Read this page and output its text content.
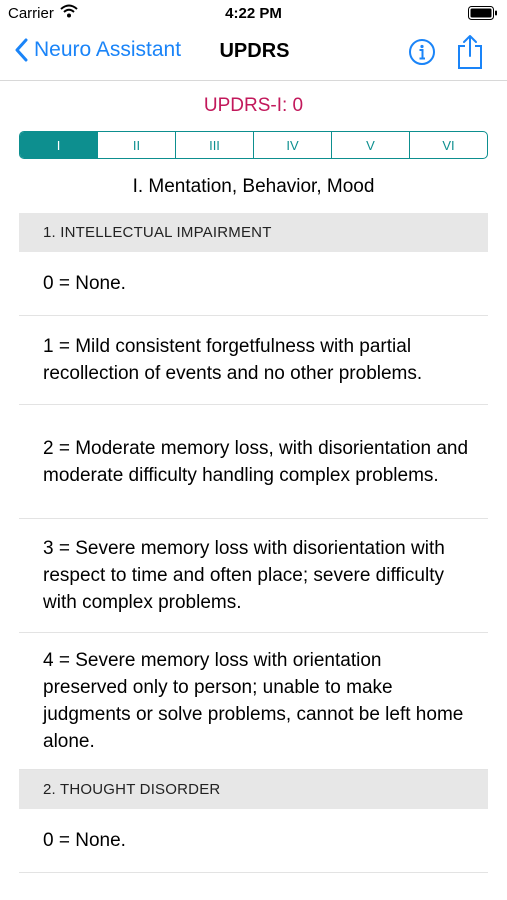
Carrier	4:22 PM
Neuro Assistant	UPDRS
UPDRS-I: 0
I	II	III	IV	V	VI
I. Mentation, Behavior, Mood
1. INTELLECTUAL IMPAIRMENT
0 = None.
1 = Mild consistent forgetfulness with partial recollection of events and no other problems.
2 = Moderate memory loss, with disorientation and moderate difficulty handling complex problems.
3 = Severe memory loss with disorientation with respect to time and often place; severe difficulty with complex problems.
4 = Severe memory loss with orientation preserved only to person; unable to make judgments or solve problems, cannot be left home alone.
2. THOUGHT DISORDER
0 = None.
